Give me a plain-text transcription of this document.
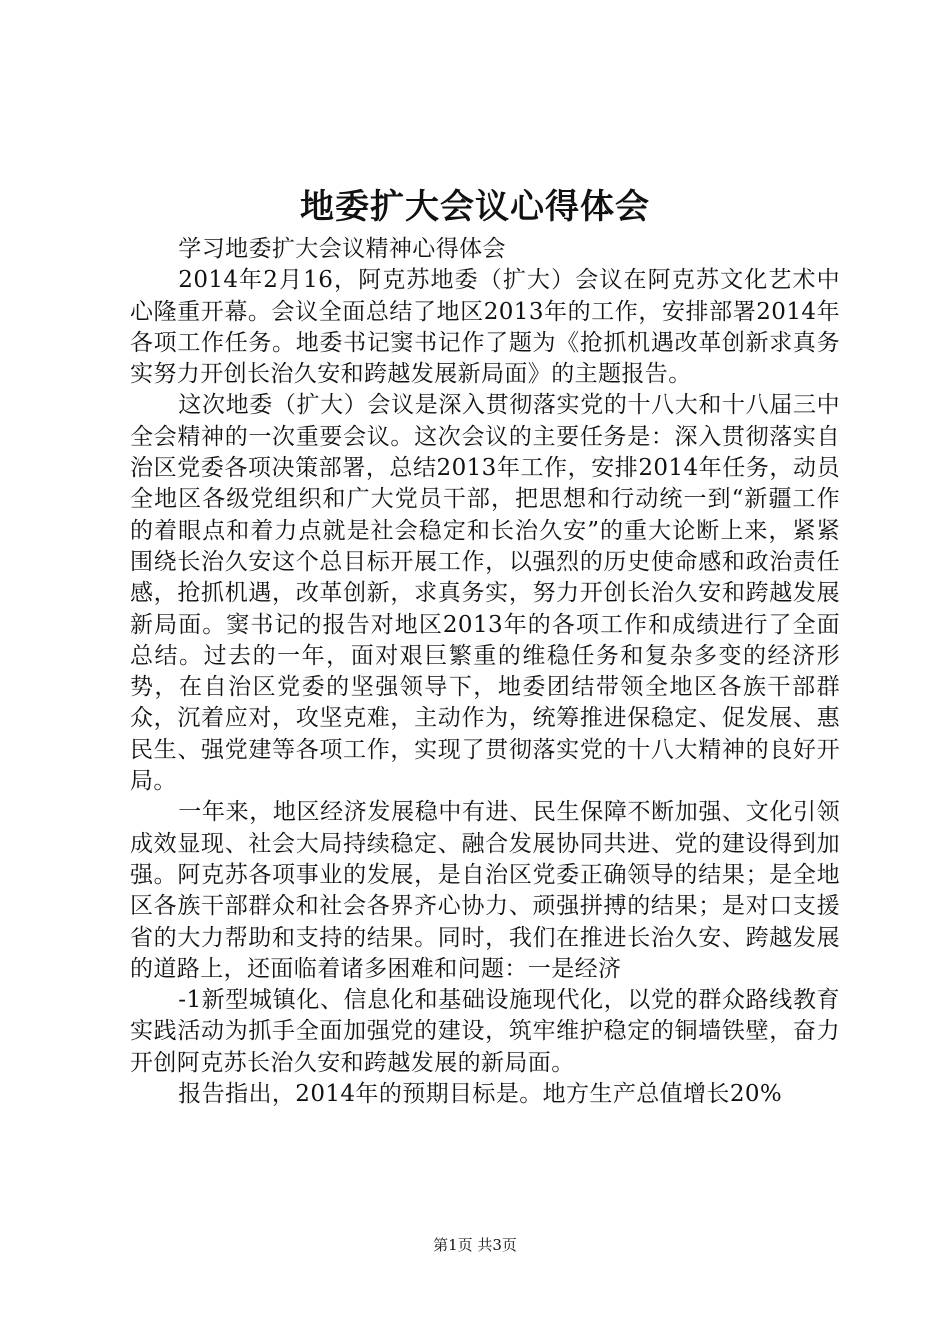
地委扩大会议心得体会

学习地委扩大会议精神心得体会

2014年2月16，阿克苏地委（扩大）会议在阿克苏文化艺术中心隆重开幕。会议全面总结了地区2013年的工作，安排部署2014年各项工作任务。地委书记窦书记作了题为《抢抓机遇改革创新求真务实努力开创长治久安和跨越发展新局面》的主题报告。

这次地委（扩大）会议是深入贯彻落实党的十八大和十八届三中全会精神的一次重要会议。这次会议的主要任务是：深入贯彻落实自治区党委各项决策部署，总结2013年工作，安排2014年任务，动员全地区各级党组织和广大党员干部，把思想和行动统一到“新疆工作的着眼点和着力点就是社会稳定和长治久安”的重大论断上来，紧紧围绕长治久安这个总目标开展工作，以强烈的历史使命感和政治责任感，抢抓机遇，改革创新，求真务实，努力开创长治久安和跨越发展新局面。窦书记的报告对地区2013年的各项工作和成绩进行了全面总结。过去的一年，面对艰巨繁重的维稳任务和复杂多变的经济形势，在自治区党委的坚强领导下，地委团结带领全地区各族干部群众，沉着应对，攻坚克难，主动作为，统筹推进保稳定、促发展、惠民生、强党建等各项工作，实现了贯彻落实党的十八大精神的良好开局。

一年来，地区经济发展稳中有进、民生保障不断加强、文化引领成效显现、社会大局持续稳定、融合发展协同共进、党的建设得到加强。阿克苏各项事业的发展，是自治区党委正确领导的结果；是全地区各族干部群众和社会各界齐心协力、顽强拼搏的结果；是对口支援省的大力帮助和支持的结果。同时，我们在推进长治久安、跨越发展的道路上，还面临着诸多困难和问题：一是经济

-1新型城镇化、信息化和基础设施现代化，以党的群众路线教育实践活动为抓手全面加强党的建设，筑牢维护稳定的铜墙铁壁，奋力开创阿克苏长治久安和跨越发展的新局面。

报告指出，2014年的预期目标是。地方生产总值增长20%

第1页 共3页
